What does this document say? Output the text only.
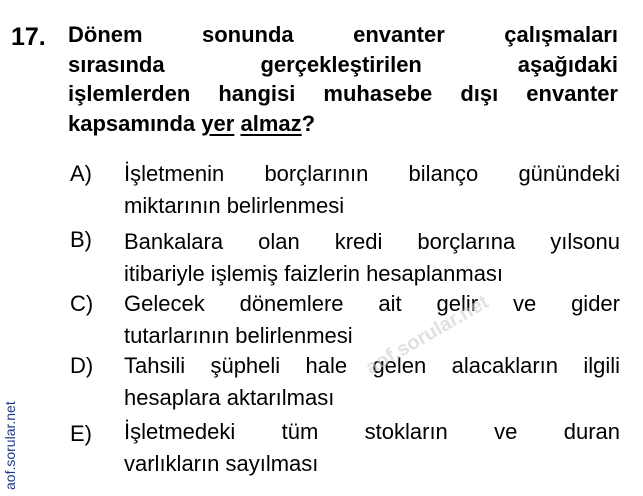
17. Dönem sonunda envanter çalışmaları
sırasında gerçekleştirilen aşağıdaki
işlemlerden hangisi muhasebe dışı envanter
kapsamında yer almaz?
A)	İşletmenin borçlarının bilanço günündeki
miktarının belirlenmesi
B)	Bankalara olan kredi borçlarına yılsonu
itibariyle işlemiş faizlerin hesaplanması
C)	Gelecek dönemlere ait gelir ve gider
tutarlarının belirlenmesi
D)	Tahsili şüpheli hale gelen alacakların ilgili
hesaplara aktarılması
E)	İşletmedeki tüm stokların ve duran
varlıkların sayılması
aof.sorular.net
aof.sorular.net
